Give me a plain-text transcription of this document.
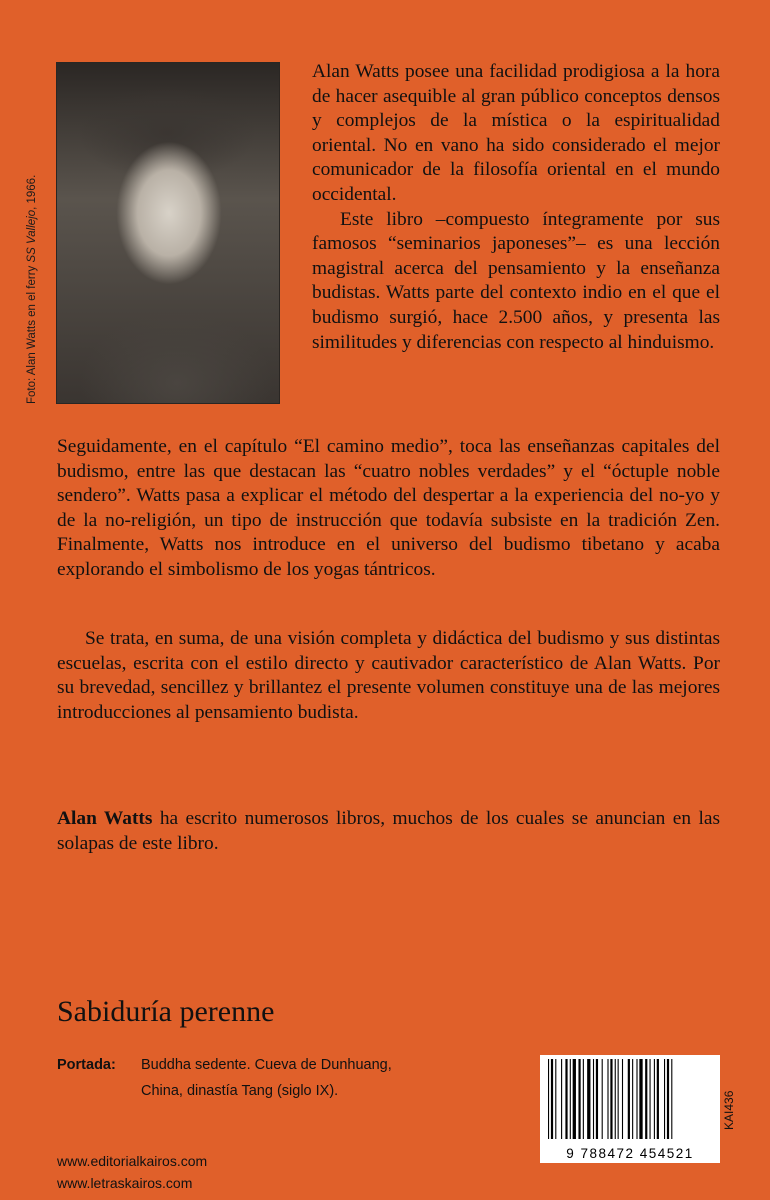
Foto: Alan Watts en el ferry SS Vallejo, 1966.

Alan Watts posee una facilidad prodigiosa a la hora de hacer asequible al gran público conceptos densos y complejos de la mística o la espiritualidad oriental. No en vano ha sido considerado el mejor comunicador de la filosofía oriental en el mundo occidental.

Este libro –compuesto íntegramente por sus famosos “seminarios japoneses”– es una lección magistral acerca del pensamiento y la enseñanza budistas. Watts parte del contexto indio en el que el budismo surgió, hace 2.500 años, y presenta las similitudes y diferencias con respecto al hinduismo.

Seguidamente, en el capítulo “El camino medio”, toca las enseñanzas capitales del budismo, entre las que destacan las “cuatro nobles verdades” y el “óctuple noble sendero”. Watts pasa a explicar el método del despertar a la experiencia del no-yo y de la no-religión, un tipo de instrucción que todavía subsiste en la tradición Zen. Finalmente, Watts nos introduce en el universo del budismo tibetano y acaba explorando el simbolismo de los yogas tántricos.

Se trata, en suma, de una visión completa y didáctica del budismo y sus distintas escuelas, escrita con el estilo directo y cautivador característico de Alan Watts. Por su brevedad, sencillez y brillantez el presente volumen constituye una de las mejores introducciones al pensamiento budista.

Alan Watts ha escrito numerosos libros, muchos de los cuales se anuncian en las solapas de este libro.

Sabiduría perenne
Portada: Buddha sedente. Cueva de Dunhuang,
China, dinastía Tang (siglo IX).
www.editorialkairos.com
www.letraskairos.com
9 788472 454521
KAI436
